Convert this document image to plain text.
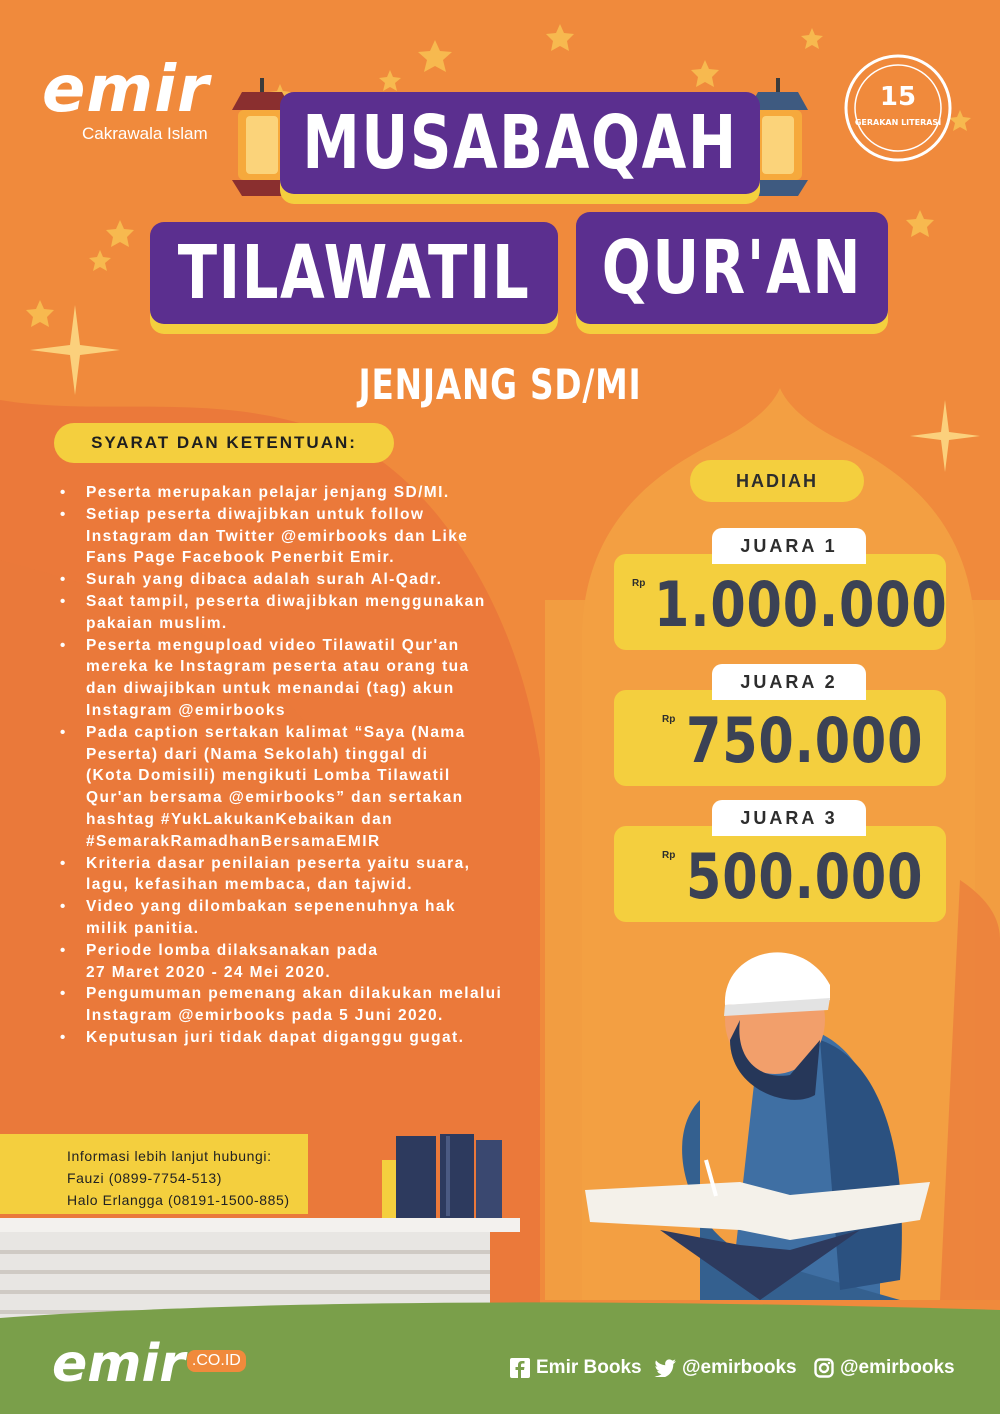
emir
Cakrawala Islam
15
GERAKAN LITERASI
MUSABAQAH
TILAWATIL QUR'AN
JENJANG SD/MI
SYARAT DAN KETENTUAN:
• Peserta merupakan pelajar jenjang SD/MI.
• Setiap peserta diwajibkan untuk follow
Instagram dan Twitter @emirbooks dan Like
Fans Page Facebook Penerbit Emir.
• Surah yang dibaca adalah surah Al-Qadr.
• Saat tampil, peserta diwajibkan menggunakan
pakaian muslim.
• Peserta mengupload video Tilawatil Qur'an
mereka ke Instagram peserta atau orang tua
dan diwajibkan untuk menandai (tag) akun
Instagram @emirbooks
• Pada caption sertakan kalimat “Saya (Nama
Peserta) dari (Nama Sekolah) tinggal di
(Kota Domisili) mengikuti Lomba Tilawatil
Qur'an bersama @emirbooks” dan sertakan
hashtag #YukLakukanKebaikan dan
#SemarakRamadhanBersamaEMIR
• Kriteria dasar penilaian peserta yaitu suara,
lagu, kefasihan membaca, dan tajwid.
• Video yang dilombakan sepenenuhnya hak
milik panitia.
• Periode lomba dilaksanakan pada
27 Maret 2020 - 24 Mei 2020.
• Pengumuman pemenang akan dilakukan melalui
Instagram @emirbooks pada 5 Juni 2020.
• Keputusan juri tidak dapat diganggu gugat.
HADIAH
JUARA 1
Rp 1.000.000
JUARA 2
Rp 750.000
JUARA 3
Rp 500.000
Informasi lebih lanjut hubungi:
Fauzi (0899-7754-513)
Halo Erlangga (08191-1500-885)
emir .CO.ID	Emir Books @emirbooks @emirbooks
